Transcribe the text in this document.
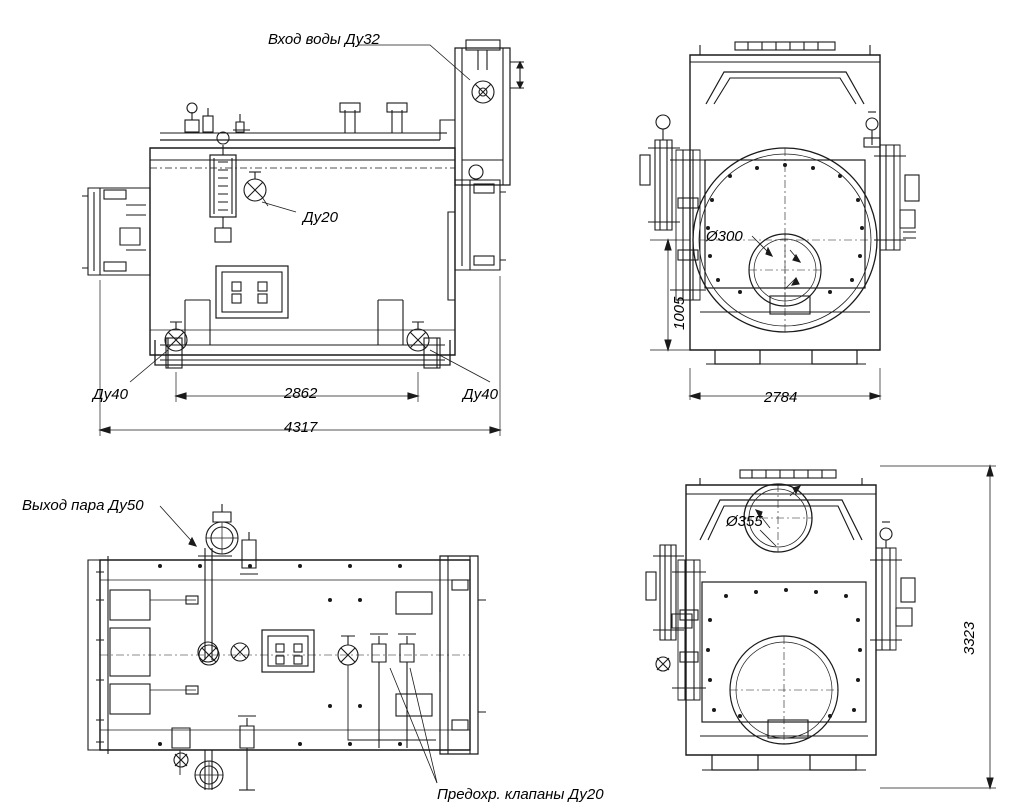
Вход воды Ду32
Ду20
Ду40	Ду40
Выход пара Ду50
Предохр. клапаны Ду20
Ø300
Ø355
2862
4317
2784
1005
3323
